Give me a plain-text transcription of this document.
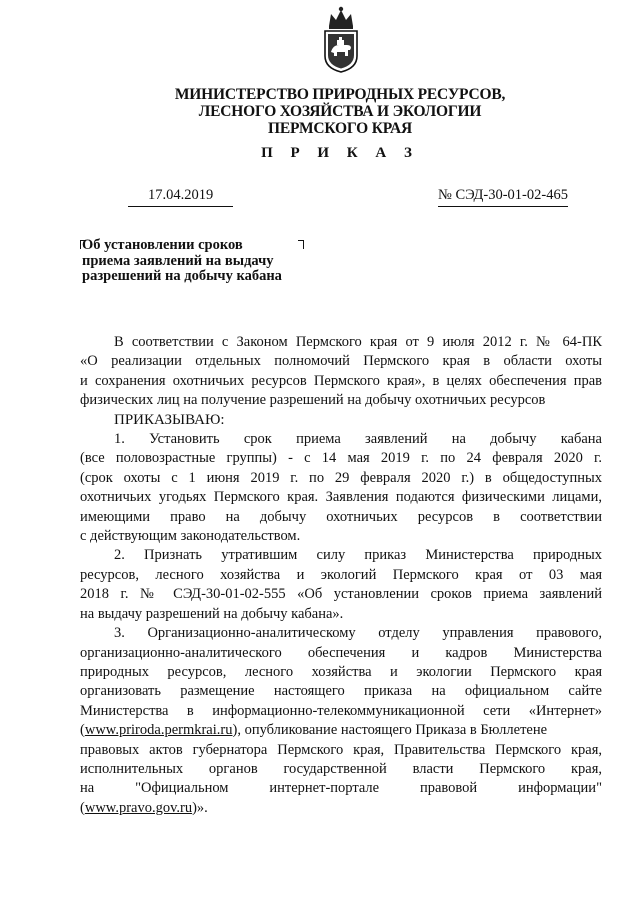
МИНИСТЕРСТВО ПРИРОДНЫХ РЕСУРСОВ,
ЛЕСНОГО ХОЗЯЙСТВА И ЭКОЛОГИИ
ПЕРМСКОГО КРАЯ
П Р И К А З
17.04.2019	№ СЭД-30-01-02-465
Об установлении сроков
приема заявлений на выдачу
разрешений на добычу кабана
В соответствии с Законом Пермского края от 9 июля 2012 г. № 64-ПК
«О реализации отдельных полномочий Пермского края в области охоты
и сохранения охотничьих ресурсов Пермского края», в целях обеспечения прав
физических лиц на получение разрешений на добычу охотничьих ресурсов
ПРИКАЗЫВАЮ:
1. Установить срок приема заявлений на добычу кабана
(все половозрастные группы) - с 14 мая 2019 г. по 24 февраля 2020 г.
(срок охоты с 1 июня 2019 г. по 29 февраля 2020 г.) в общедоступных
охотничьих угодьях Пермского края. Заявления подаются физическими лицами,
имеющими право на добычу охотничьих ресурсов в соответствии
с действующим законодательством.
2. Признать утратившим силу приказ Министерства природных
ресурсов, лесного хозяйства и экологий Пермского края от 03 мая
2018 г. № СЭД-30-01-02-555 «Об установлении сроков приема заявлений
на выдачу разрешений на добычу кабана».
3. Организационно-аналитическому отделу управления правового,
организационно-аналитического обеспечения и кадров Министерства
природных ресурсов, лесного хозяйства и экологии Пермского края
организовать размещение настоящего приказа на официальном сайте
Министерства в информационно-телекоммуникационной сети «Интернет»
(www.priroda.permkrai.ru), опубликование настоящего Приказа в Бюллетене
правовых актов губернатора Пермского края, Правительства Пермского края,
исполнительных органов государственной власти Пермского края,
на "Официальном интернет-портале правовой информации"
(www.pravo.gov.ru)».
